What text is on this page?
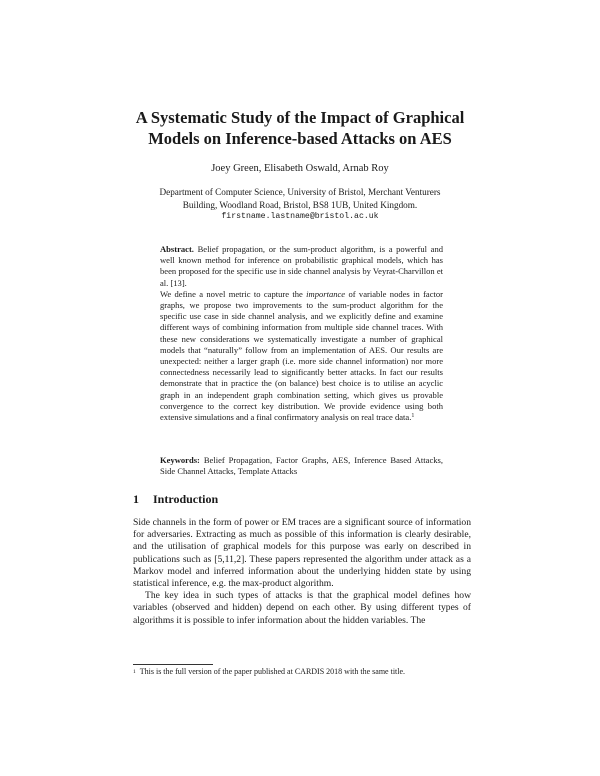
A Systematic Study of the Impact of Graphical
Models on Inference-based Attacks on AES
Joey Green, Elisabeth Oswald, Arnab Roy
Department of Computer Science, University of Bristol, Merchant Venturers
Building, Woodland Road, Bristol, BS8 1UB, United Kingdom.
firstname.lastname@bristol.ac.uk

Abstract. Belief propagation, or the sum-product algorithm, is a powerful and well known method for inference on probabilistic graphical models, which has been proposed for the specific use in side channel analysis by Veyrat-Charvillon et al. [13].

We define a novel metric to capture the importance of variable nodes in factor graphs, we propose two improvements to the sum-product algorithm for the specific use case in side channel analysis, and we explicitly define and examine different ways of combining information from multiple side channel traces. With these new considerations we systematically investigate a number of graphical models that “naturally” follow from an implementation of AES. Our results are unexpected: neither a larger graph (i.e. more side channel information) nor more connectedness necessarily lead to significantly better attacks. In fact our results demonstrate that in practice the (on balance) best choice is to utilise an acyclic graph in an independent graph combination setting, which gives us provable convergence to the correct key distribution. We provide evidence using both extensive simulations and a final confirmatory analysis on real trace data.$^1$

Keywords: Belief Propagation, Factor Graphs, AES, Inference Based Attacks, Side Channel Attacks, Template Attacks
1 Introduction

Side channels in the form of power or EM traces are a significant source of information for adversaries. Extracting as much as possible of this information is clearly desirable, and the utilisation of graphical models for this purpose was early on described in publications such as [5,11,2]. These papers represented the algorithm under attack as a Markov model and inferred information about the underlying hidden state by using statistical inference, e.g. the max-product algorithm.

The key idea in such types of attacks is that the graphical model defines how variables (observed and hidden) depend on each other. By using different types of algorithms it is possible to infer information about the hidden variables. The

$^1$ This is the full version of the paper published at CARDIS 2018 with the same title.
